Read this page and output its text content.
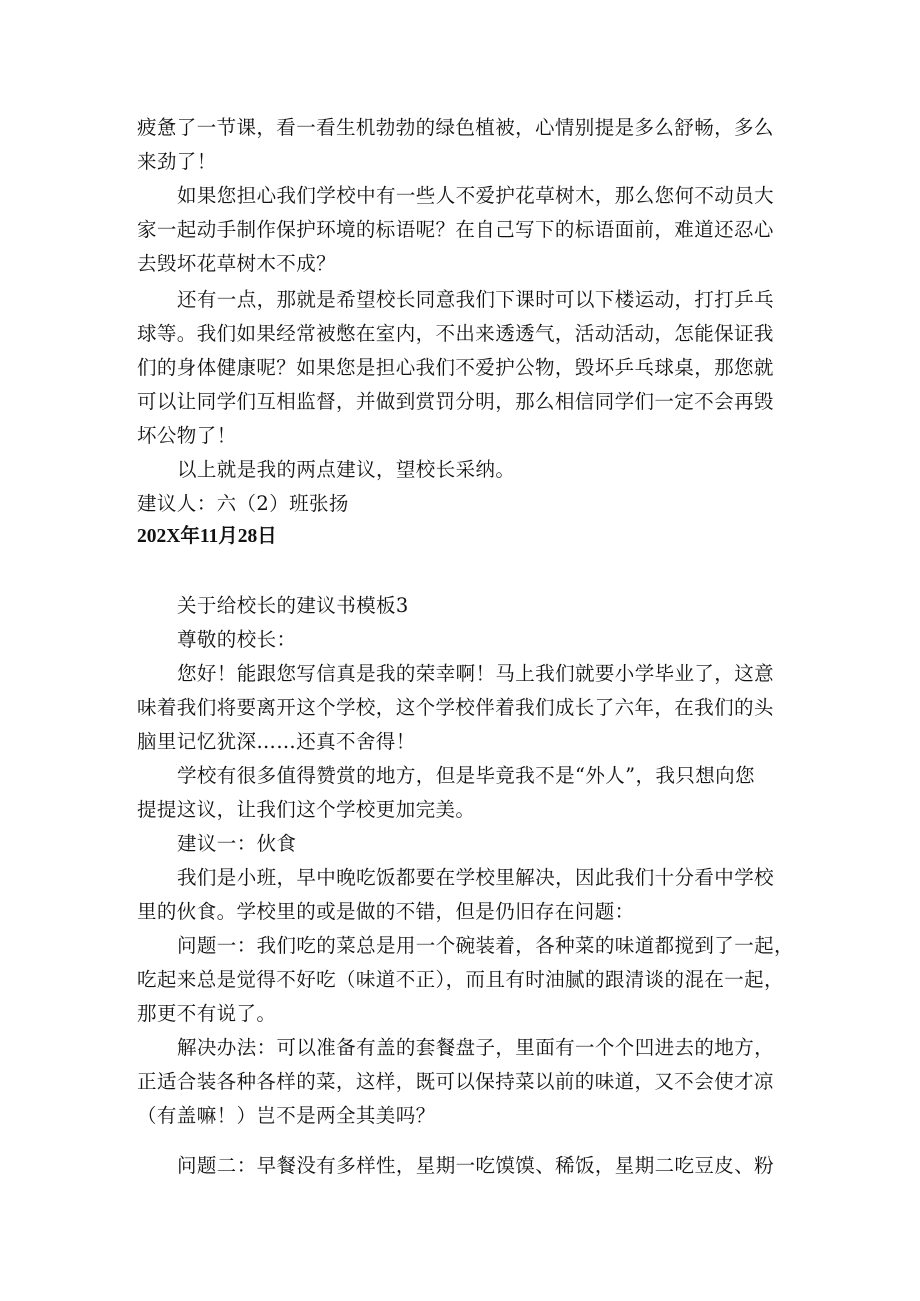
疲惫了一节课，看一看生机勃勃的绿色植被，心情别提是多么舒畅，多么
来劲了！
如果您担心我们学校中有一些人不爱护花草树木，那么您何不动员大
家一起动手制作保护环境的标语呢？在自己写下的标语面前，难道还忍心
去毁坏花草树木不成？
还有一点，那就是希望校长同意我们下课时可以下楼运动，打打乒乓
球等。我们如果经常被憋在室内，不出来透透气，活动活动，怎能保证我
们的身体健康呢？如果您是担心我们不爱护公物，毁坏乒乓球桌，那您就
可以让同学们互相监督，并做到赏罚分明，那么相信同学们一定不会再毁
坏公物了！
以上就是我的两点建议，望校长采纳。
建议人：六（2）班张扬
202X年11月28日
关于给校长的建议书模板3
尊敬的校长：
您好！能跟您写信真是我的荣幸啊！马上我们就要小学毕业了，这意
味着我们将要离开这个学校，这个学校伴着我们成长了六年，在我们的头
脑里记忆犹深……还真不舍得！
学校有很多值得赞赏的地方，但是毕竟我不是“外人”，我只想向您
提提这议，让我们这个学校更加完美。
建议一：伙食
我们是小班，早中晚吃饭都要在学校里解决，因此我们十分看中学校
里的伙食。学校里的或是做的不错，但是仍旧存在问题：
问题一：我们吃的菜总是用一个碗装着，各种菜的味道都搅到了一起，
吃起来总是觉得不好吃（味道不正），而且有时油腻的跟清谈的混在一起，
那更不有说了。
解决办法：可以准备有盖的套餐盘子，里面有一个个凹进去的地方，
正适合装各种各样的菜，这样，既可以保持菜以前的味道，又不会使才凉
（有盖嘛！）岂不是两全其美吗？
问题二：早餐没有多样性，星期一吃馍馍、稀饭，星期二吃豆皮、粉
